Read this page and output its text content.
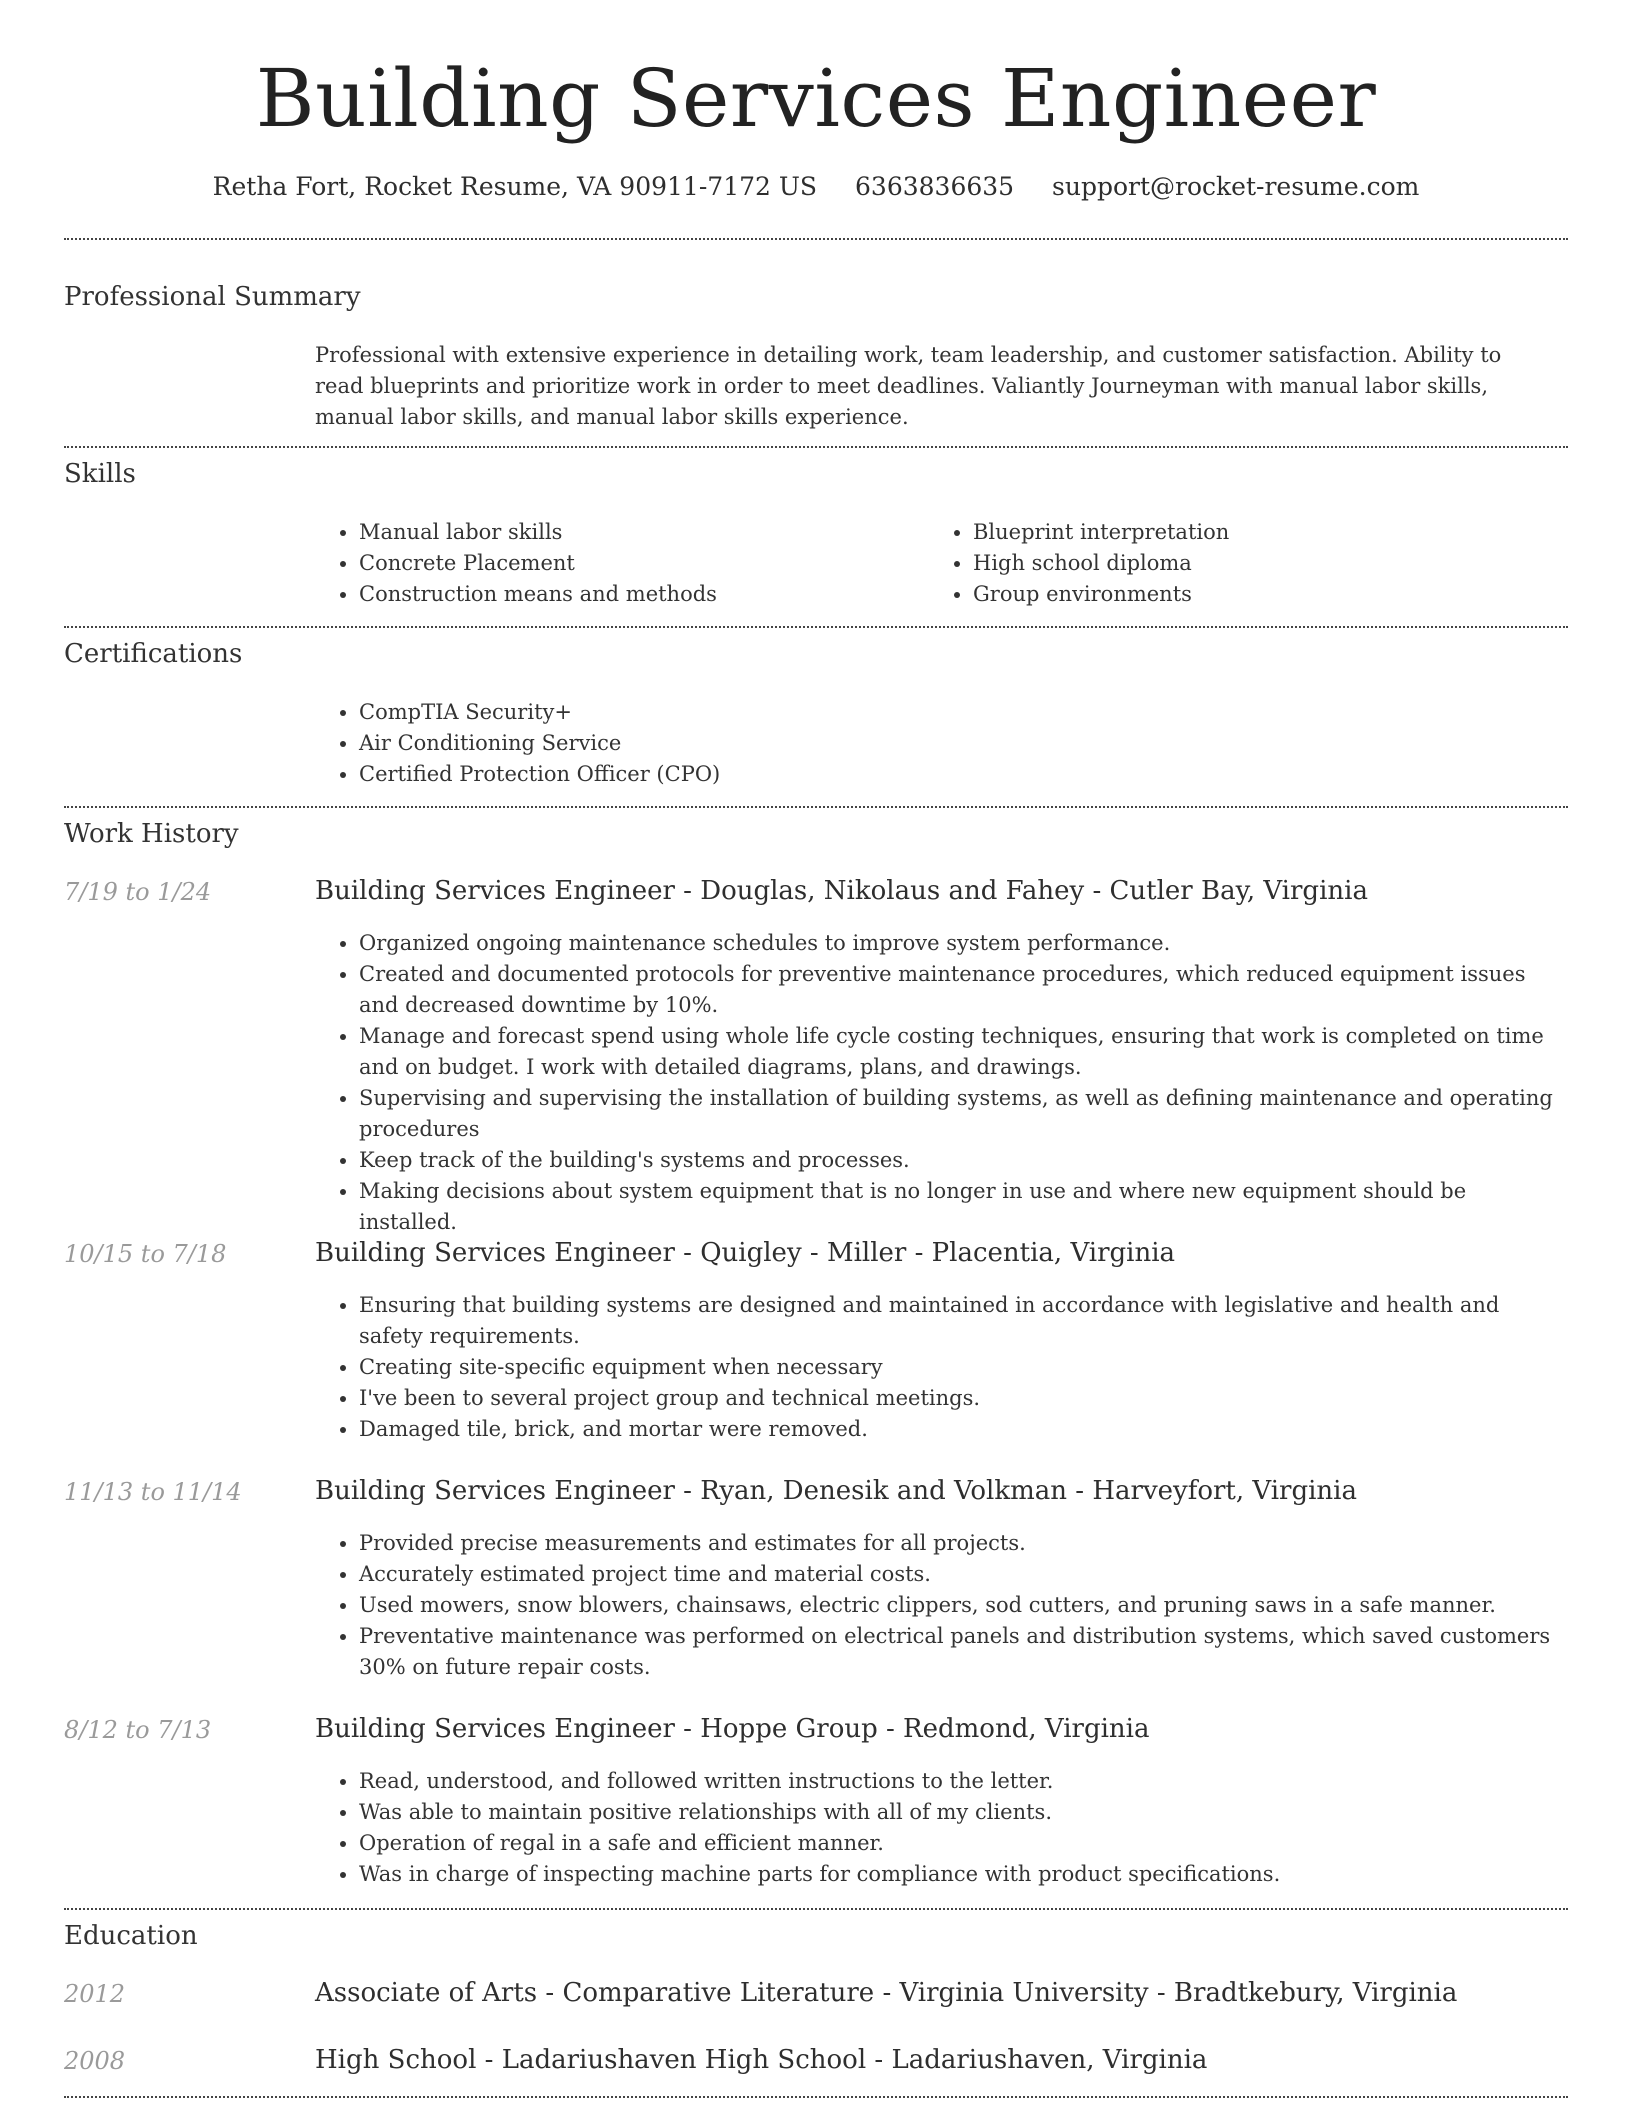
Building Services Engineer
Retha Fort, Rocket Resume, VA 90911-7172 US 6363836635 support@rocket-resume.com
Professional Summary

Professional with extensive experience in detailing work, team leadership, and customer satisfaction. Ability to read blueprints and prioritize work in order to meet deadlines. Valiantly Journeyman with manual labor skills, manual labor skills, and manual labor skills experience.

Skills
• Manual labor skills
• Concrete Placement
• Construction means and methods
• Blueprint interpretation
• High school diploma
• Group environments
Certifications
• CompTIA Security+
• Air Conditioning Service
• Certified Protection Officer (CPO)
Work History
7/19 to 1/24	Building Services Engineer - Douglas, Nikolaus and Fahey - Cutler Bay, Virginia
• Organized ongoing maintenance schedules to improve system performance.
• Created and documented protocols for preventive maintenance procedures, which reduced equipment issues and decreased downtime by 10%.
• Manage and forecast spend using whole life cycle costing techniques, ensuring that work is completed on time and on budget. I work with detailed diagrams, plans, and drawings.
• Supervising and supervising the installation of building systems, as well as defining maintenance and operating procedures
• Keep track of the building's systems and processes.
• Making decisions about system equipment that is no longer in use and where new equipment should be installed.
10/15 to 7/18	Building Services Engineer - Quigley - Miller - Placentia, Virginia
• Ensuring that building systems are designed and maintained in accordance with legislative and health and safety requirements.
• Creating site-specific equipment when necessary
• I've been to several project group and technical meetings.
• Damaged tile, brick, and mortar were removed.
11/13 to 11/14	Building Services Engineer - Ryan, Denesik and Volkman - Harveyfort, Virginia
• Provided precise measurements and estimates for all projects.
• Accurately estimated project time and material costs.
• Used mowers, snow blowers, chainsaws, electric clippers, sod cutters, and pruning saws in a safe manner.
• Preventative maintenance was performed on electrical panels and distribution systems, which saved customers 30% on future repair costs.
8/12 to 7/13	Building Services Engineer - Hoppe Group - Redmond, Virginia
• Read, understood, and followed written instructions to the letter.
• Was able to maintain positive relationships with all of my clients.
• Operation of regal in a safe and efficient manner.
• Was in charge of inspecting machine parts for compliance with product specifications.
Education
2012	Associate of Arts - Comparative Literature - Virginia University - Bradtkebury, Virginia
2008	High School - Ladariushaven High School - Ladariushaven, Virginia
